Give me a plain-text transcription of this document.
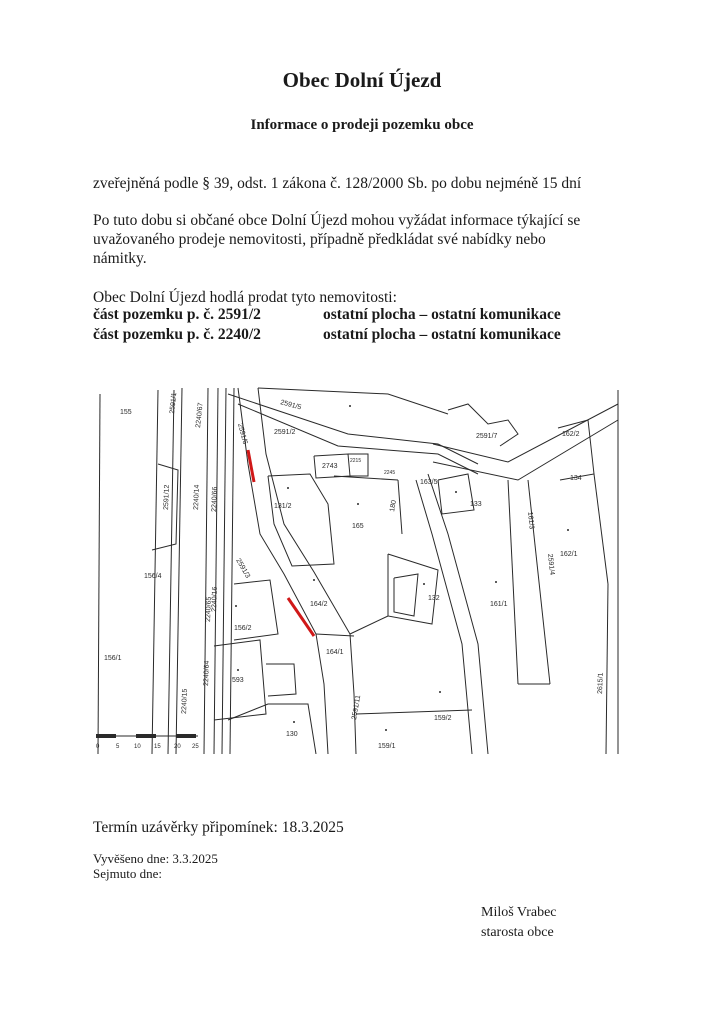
Obec Dolní Újezd
Informace o prodeji pozemku obce
zveřejněná podle § 39, odst. 1 zákona č. 128/2000 Sb. po dobu nejméně 15 dní
Po tuto dobu si občané obce Dolní Újezd mohou vyžádat informace týkající se
uvažovaného prodeje nemovitosti, případně předkládat své nabídky nebo
námitky.
Obec Dolní Újezd hodlá prodat tyto nemovitosti:
část pozemku p. č. 2591/2	ostatní plocha – ostatní komunikace
část pozemku p. č. 2240/2	ostatní plocha – ostatní komunikace
0	5 10 15 20 25
155	2591/1 2240/67
2591/6
2591/5
2591/2
2743
2591/7	162/2
134
2591/12	2240/14 2240/66	131/2
165
163/5
180	133
161/3
2591/4
2591/3
2240/16	164/2
162/1
156/4
156/2
132
161/1
164/1
156/1
593
2591/11
2615/1
2240/65
2240/64
2240/15
130
159/2
159/1
2215
2245
Termín uzávěrky připomínek: 18.3.2025
Vyvěšeno dne: 3.3.2025
Sejmuto dne:
Miloš Vrabec
starosta obce
